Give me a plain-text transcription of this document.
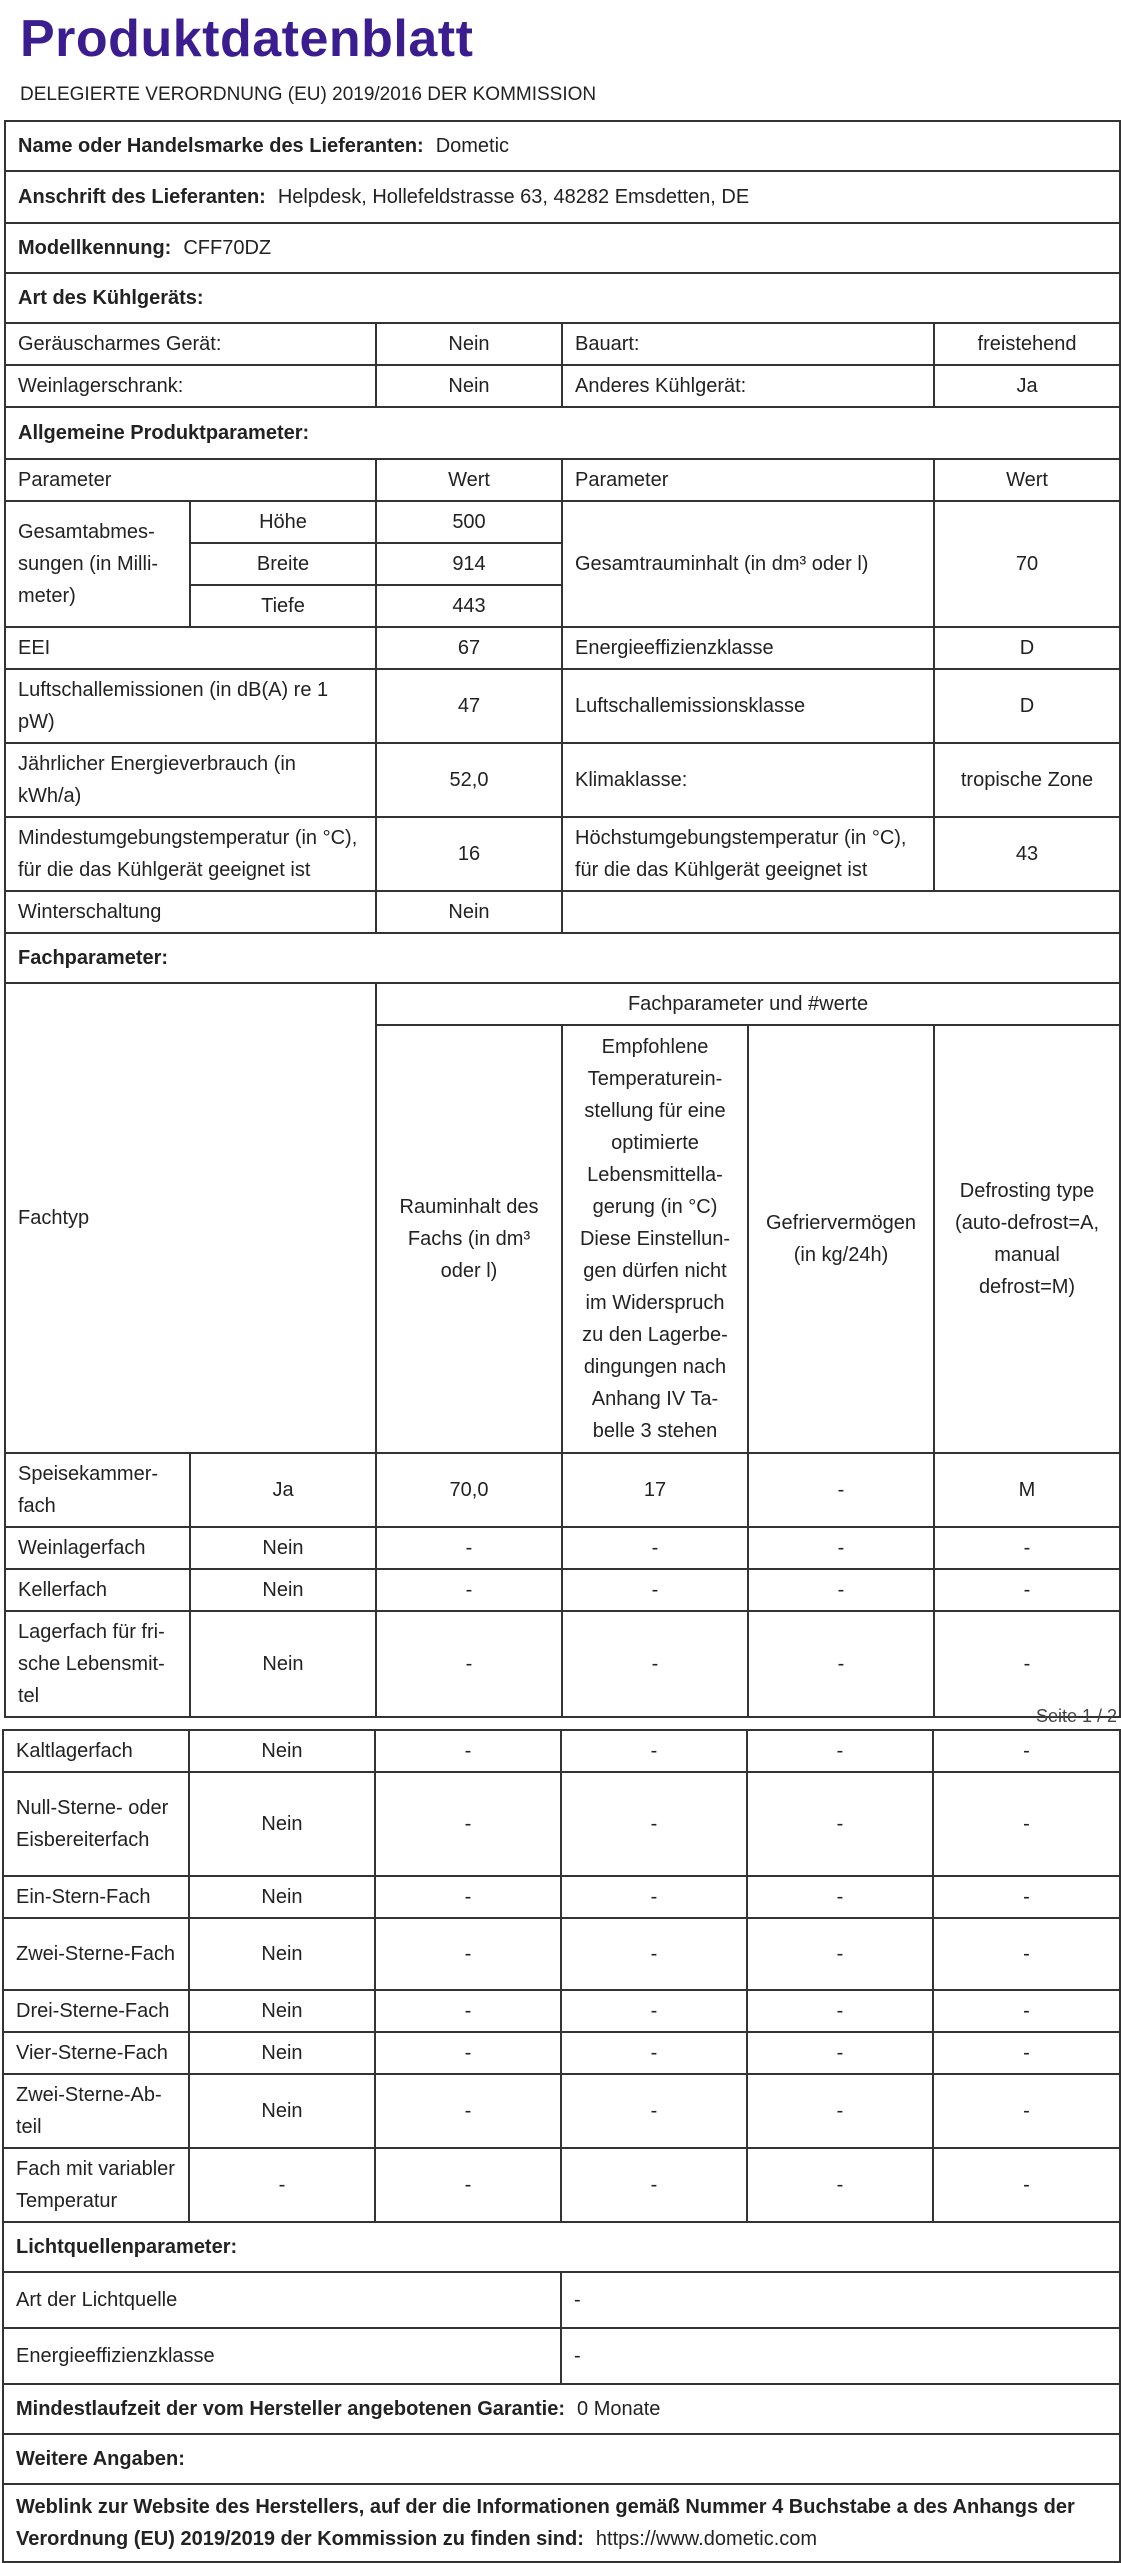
Produktdatenblatt
DELEGIERTE VERORDNUNG (EU) 2019/2016 DER KOMMISSION
Name oder Handelsmarke des Lieferanten: Dometic					
Anschrift des Lieferanten: Helpdesk, Hollefeldstrasse 63, 48282 Emsdetten, DE					
Modellkennung: CFF70DZ					
Art des Kühlgeräts:					
Geräuscharmes Gerät:		Nein	Bauart:		freistehend
Weinlagerschrank:		Nein	Anderes Kühlgerät:		Ja
Allgemeine Produktparameter:					
Parameter		Wert	Parameter		Wert
Gesamtabmessungen (in Millimeter)	Höhe	500	Gesamtrauminhalt (in dm³ oder l)		70
	Breite	914			
	Tiefe	443			
EEI		67	Energieeffizienzklasse		D
Luftschallemissionen (in dB(A) re 1 pW)		47	Luftschallemissionsklasse		D
Jährlicher Energieverbrauch (in kWh/a)		52,0	Klimaklasse:		tropische Zone
Mindestumgebungstemperatur (in °C), für die das Kühlgerät geeignet ist		16	Höchstumgebungstemperatur (in °C), für die das Kühlgerät geeignet ist		43
Winterschaltung		Nein			
Fachparameter:					
Fachtyp		Fachparameter und #werte			
		Rauminhalt des Fachs (in dm³ oder l)	Empfohlene Temperatureinstellung für eine optimierte Lebensmittellagerung (in °C) Diese Einstellungen dürfen nicht im Widerspruch zu den Lagerbedingungen nach Anhang IV Tabelle 3 stehen	Gefriervermögen (in kg/24h)	Defrosting type (auto-defrost=A, manual defrost=M)
Speisekammerfach	Ja	70,0	17	-	M
Weinlagerfach	Nein	-	-	-	-
Kellerfach	Nein	-	-	-	-
Lagerfach für frische Lebensmittel	Nein	-	-	-	-
Seite 1 / 2
Kaltlagerfach	Nein	-	-	-	-
Null-Sterne- oder Eisbereiterfach	Nein	-	-	-	-
Ein-Stern-Fach	Nein	-	-	-	-
Zwei-Sterne-Fach	Nein	-	-	-	-
Drei-Sterne-Fach	Nein	-	-	-	-
Vier-Sterne-Fach	Nein	-	-	-	-
Zwei-Sterne-Abteil	Nein	-	-	-	-
Fach mit variabler Temperatur	-	-	-	-	-
Lichtquellenparameter:					
Art der Lichtquelle			-		
Energieeffizienzklasse			-		
Mindestlaufzeit der vom Hersteller angebotenen Garantie: 0 Monate					
Weitere Angaben:					
Weblink zur Website des Herstellers, auf der die Informationen gemäß Nummer 4 Buchstabe a des Anhangs der Verordnung (EU) 2019/2019 der Kommission zu finden sind: https://www.dometic.com					
